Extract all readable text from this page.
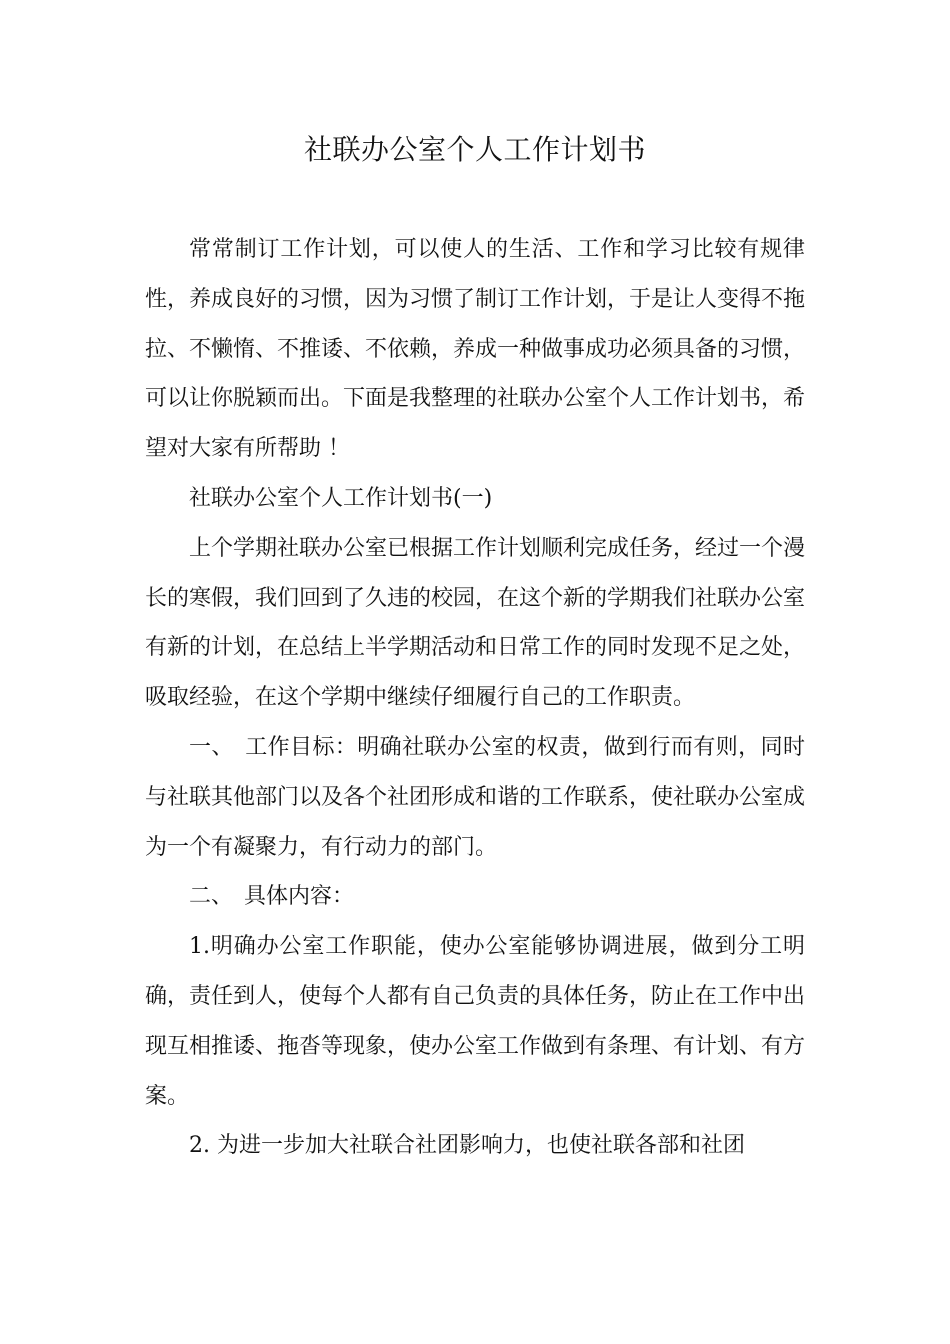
社联办公室个人工作计划书

常常制订工作计划，可以使人的生活、工作和学习比较有规律性，养成良好的习惯，因为习惯了制订工作计划，于是让人变得不拖拉、不懒惰、不推诿、不依赖，养成一种做事成功必须具备的习惯，可以让你脱颖而出。下面是我整理的社联办公室个人工作计划书，希望对大家有所帮助 ！

社联办公室个人工作计划书(一)

上个学期社联办公室已根据工作计划顺利完成任务，经过一个漫长的寒假，我们回到了久违的校园，在这个新的学期我们社联办公室有新的计划，在总结上半学期活动和日常工作的同时发现不足之处，吸取经验，在这个学期中继续仔细履行自己的工作职责。

一、　工作目标：明确社联办公室的权责，做到行而有则，同时与社联其他部门以及各个社团形成和谐的工作联系，使社联办公室成为一个有凝聚力，有行动力的部门。

二、　具体内容：

1.明确办公室工作职能，使办公室能够协调进展，做到分工明确，责任到人，使每个人都有自己负责的具体任务，防止在工作中出现互相推诿、拖沓等现象，使办公室工作做到有条理、有计划、有方案。

2. 为进一步加大社联合社团影响力，也使社联各部和社团
